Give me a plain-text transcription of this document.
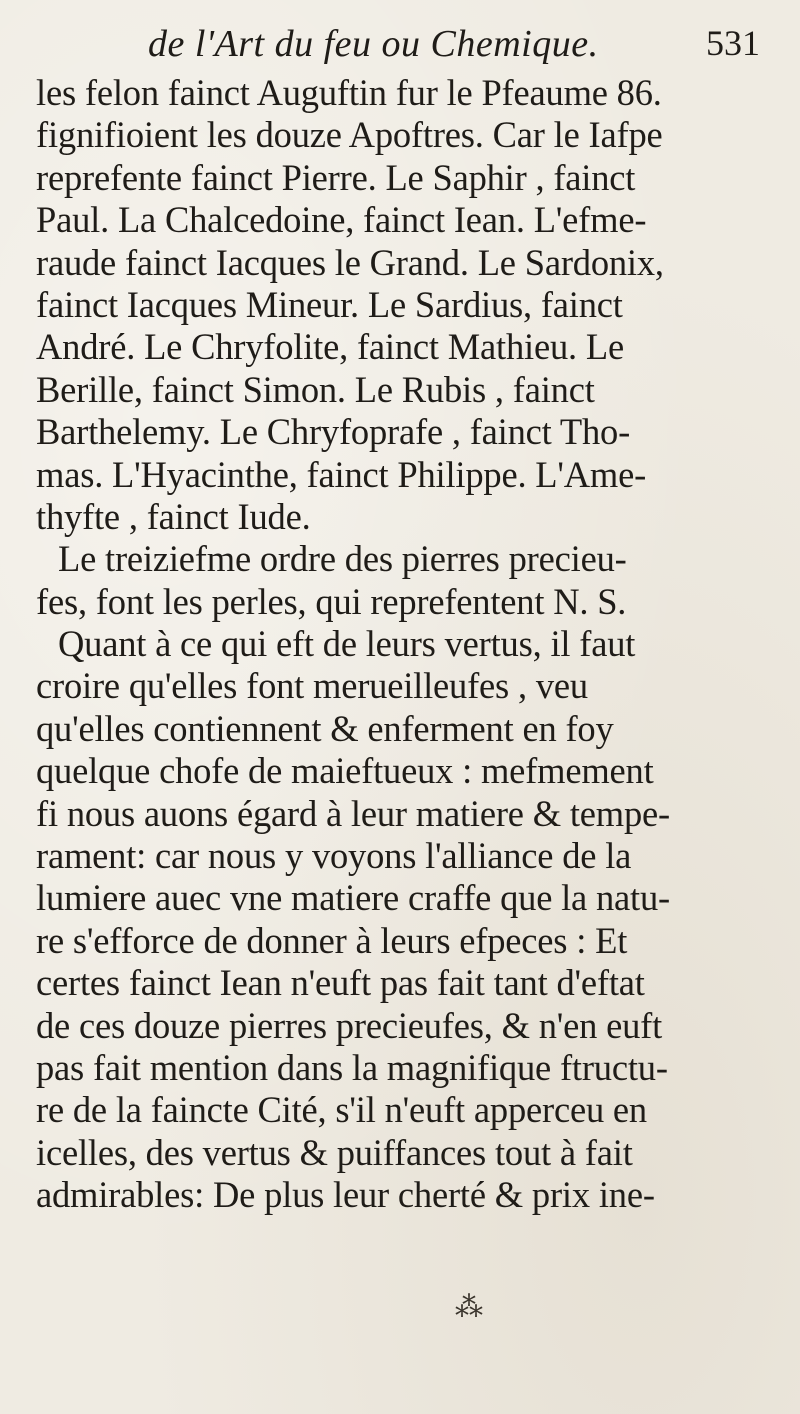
de l'Art du feu ou Chemique.	531
les felon fainct Auguftin fur le Pfeaume 86.
fignifioient les douze Apoftres. Car le Iafpe
reprefente fainct Pierre. Le Saphir , fainct
Paul. La Chalcedoine, fainct Iean. L'efme-
raude fainct Iacques le Grand. Le Sardonix,
fainct Iacques Mineur. Le Sardius, fainct
André. Le Chryfolite, fainct Mathieu. Le
Berille, fainct Simon. Le Rubis , fainct
Barthelemy. Le Chryfoprafe , fainct Tho-
mas. L'Hyacinthe, fainct Philippe. L'Ame-
thyfte , fainct Iude.
Le treiziefme ordre des pierres precieu-
fes, font les perles, qui reprefentent N. S.
Quant à ce qui eft de leurs vertus, il faut
croire qu'elles font merueilleufes , veu
qu'elles contiennent & enferment en foy
quelque chofe de maieftueux : mefmement
fi nous auons égard à leur matiere & tempe-
rament: car nous y voyons l'alliance de la
lumiere auec vne matiere craffe que la natu-
re s'efforce de donner à leurs efpeces : Et
certes fainct Iean n'euft pas fait tant d'eftat
de ces douze pierres precieufes, & n'en euft
pas fait mention dans la magnifique ftructu-
re de la faincte Cité, s'il n'euft apperceu en
icelles, des vertus & puiffances tout à fait
admirables: De plus leur cherté & prix ine-
⁂
